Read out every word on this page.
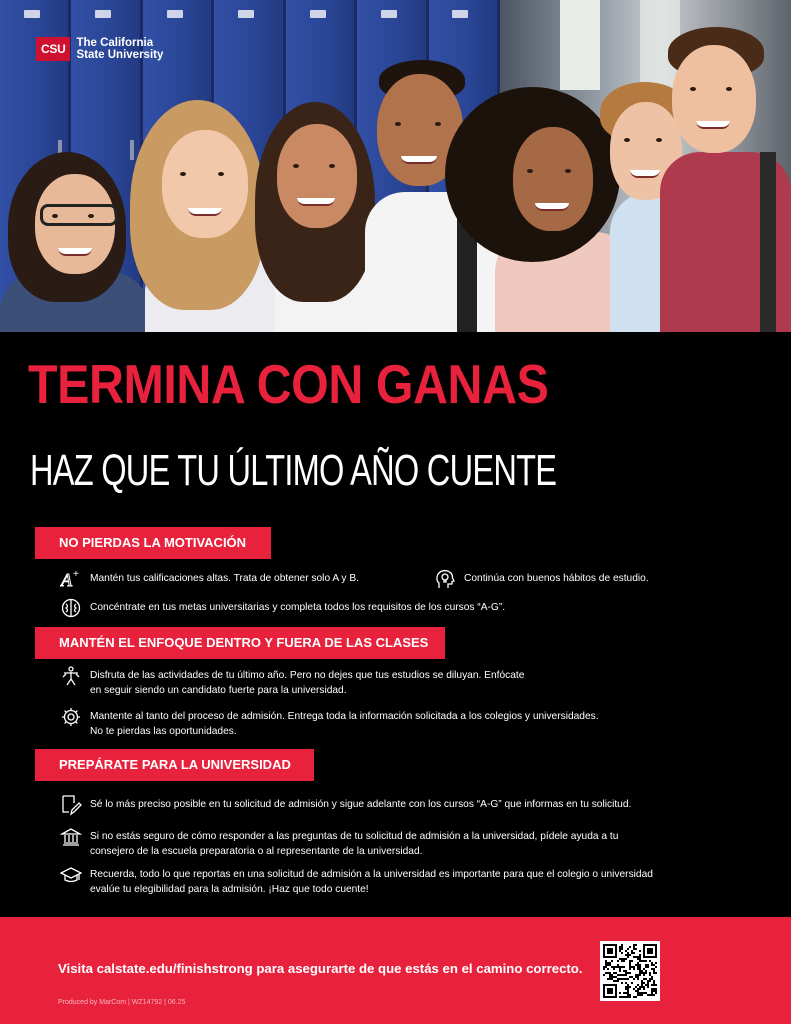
CSU The California State University
TERMINA CON GANAS
HAZ QUE TU ÚLTIMO AÑO CUENTE
NO PIERDAS LA MOTIVACIÓN
A + Mantén tus calificaciones altas. Trata de obtener solo A y B.	Continúa con buenos hábitos de estudio.
Concéntrate en tus metas universitarias y completa todos los requisitos de los cursos “A-G”.
MANTÉN EL ENFOQUE DENTRO Y FUERA DE LAS CLASES
Disfruta de las actividades de tu último año. Pero no dejes que tus estudios se diluyan. Enfócate
en seguir siendo un candidato fuerte para la universidad.
Mantente al tanto del proceso de admisión. Entrega toda la información solicitada a los colegios y universidades.
No te pierdas las oportunidades.
PREPÁRATE PARA LA UNIVERSIDAD
Sé lo más preciso posible en tu solicitud de admisión y sigue adelante con los cursos “A-G” que informas en tu solicitud.
Si no estás seguro de cómo responder a las preguntas de tu solicitud de admisión a la universidad, pídele ayuda a tu
consejero de la escuela preparatoria o al representante de la universidad.
Recuerda, todo lo que reportas en una solicitud de admisión a la universidad es importante para que el colegio o universidad
evalúe tu elegibilidad para la admisión. ¡Haz que todo cuente!
Visita calstate.edu/finishstrong para asegurarte de que estás en el camino correcto.
Produced by MarCom | WZ14792 | 06.25
